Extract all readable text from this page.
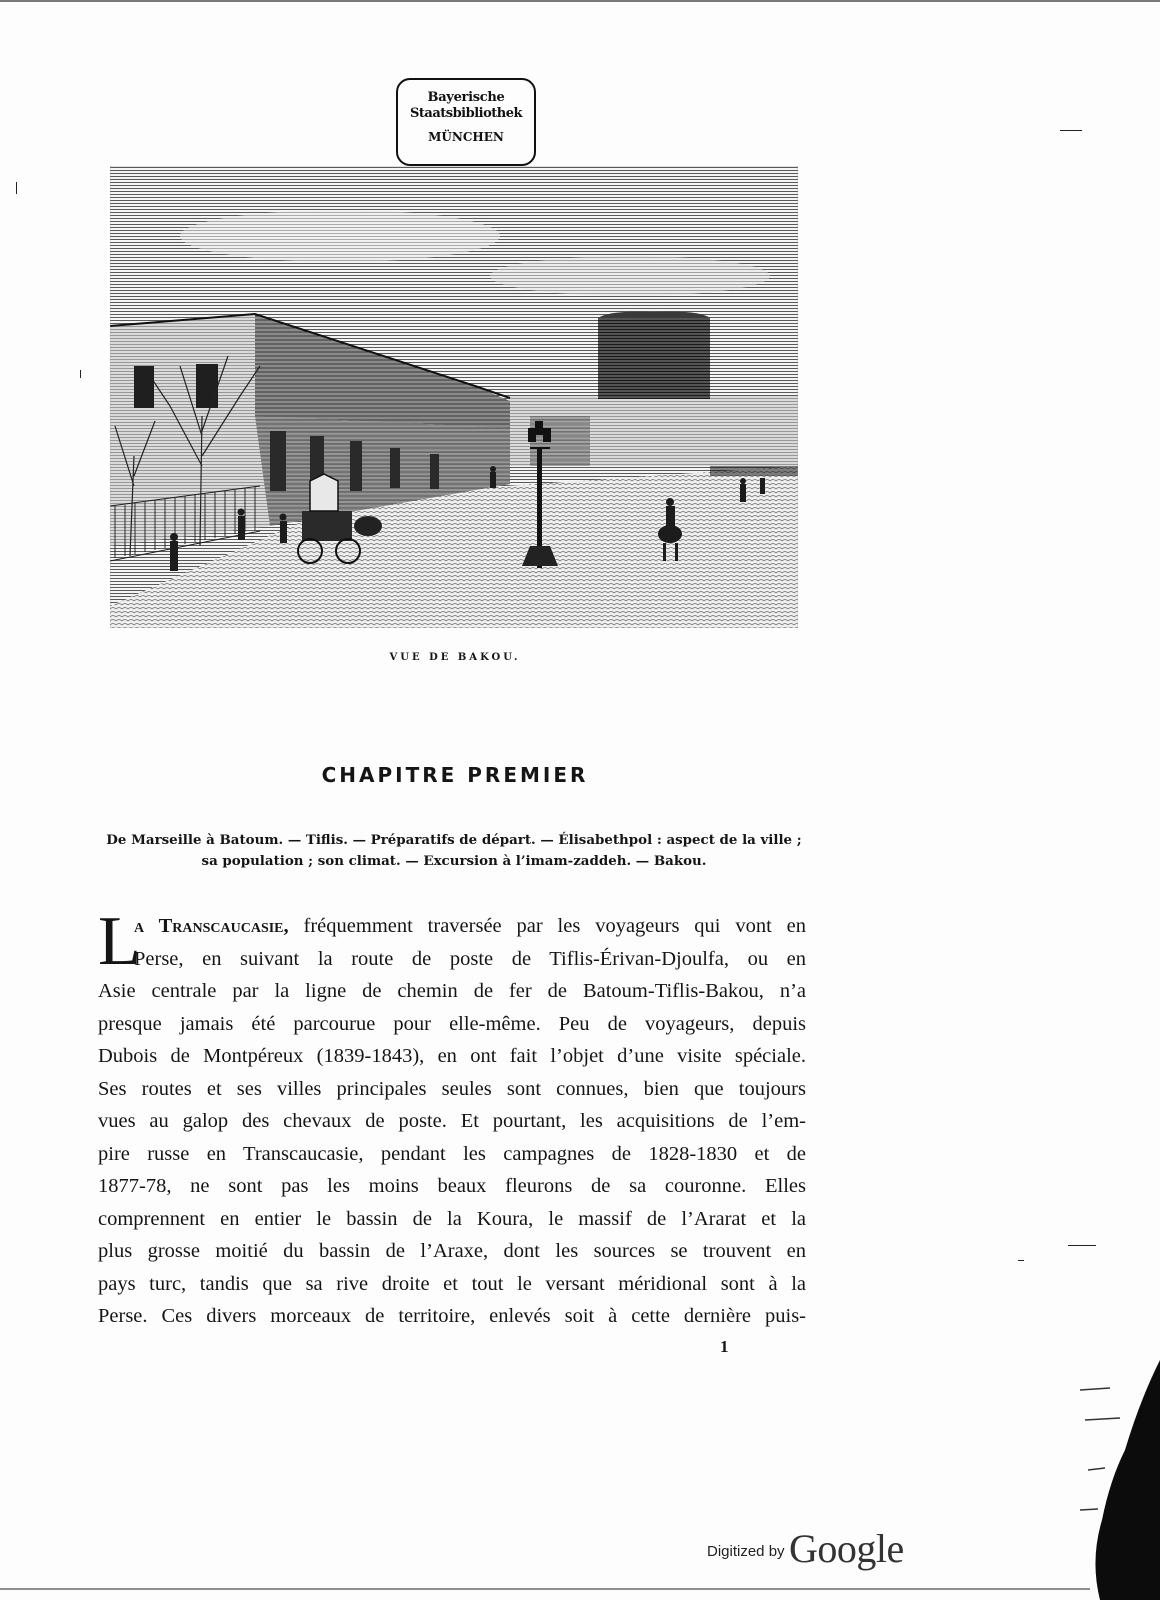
Bayerische
Staatsbibliothek
MÜNCHEN
VUE DE BAKOU.
CHAPITRE PREMIER
De Marseille à Batoum. — Tiflis. — Préparatifs de départ. — Élisabethpol : aspect de la ville ;
sa population ; son climat. — Excursion à l’imam-zaddeh. — Bakou.
L
a Transcaucasie, fréquemment traversée par les voyageurs qui vont en
Perse, en suivant la route de poste de Tiflis-Érivan-Djoulfa, ou en
Asie centrale par la ligne de chemin de fer de Batoum-Tiflis-Bakou, n’a
presque jamais été parcourue pour elle-même. Peu de voyageurs, depuis
Dubois de Montpéreux (1839-1843), en ont fait l’objet d’une visite spéciale.
Ses routes et ses villes principales seules sont connues, bien que toujours
vues au galop des chevaux de poste. Et pourtant, les acquisitions de l’em-
pire russe en Transcaucasie, pendant les campagnes de 1828-1830 et de
1877-78, ne sont pas les moins beaux fleurons de sa couronne. Elles
comprennent en entier le bassin de la Koura, le massif de l’Ararat et la
plus grosse moitié du bassin de l’Araxe, dont les sources se trouvent en
pays turc, tandis que sa rive droite et tout le versant méridional sont à la
Perse. Ces divers morceaux de territoire, enlevés soit à cette dernière puis-
1
Digitized by Google
